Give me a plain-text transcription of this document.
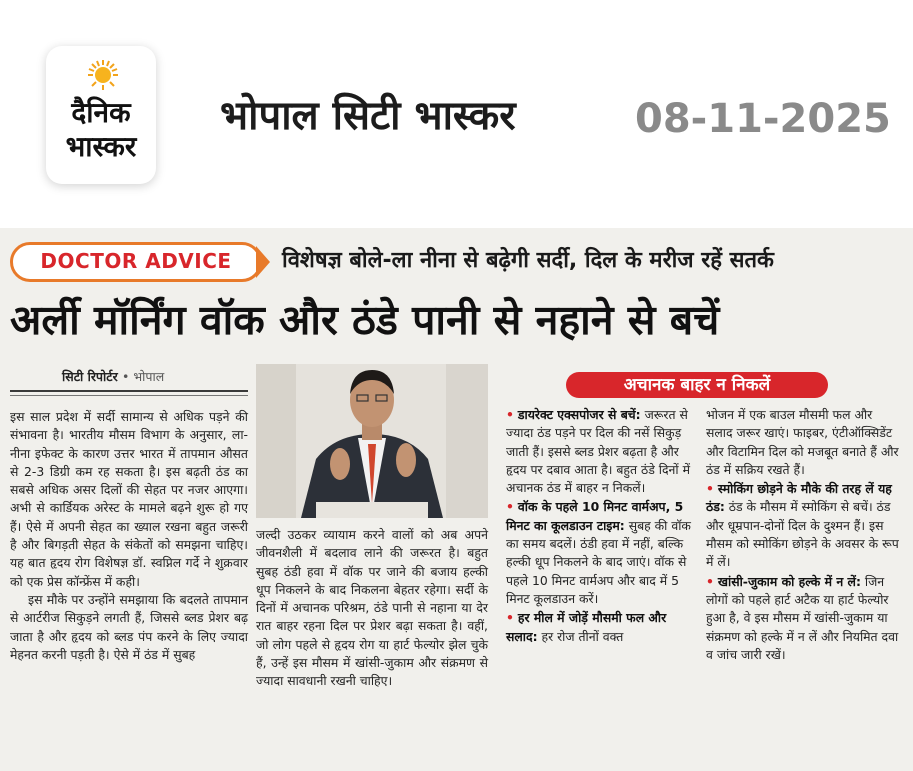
दैनिक
भास्कर
भोपाल सिटी भास्कर	08-11-2025
DOCTOR ADVICE	विशेषज्ञ बोले-ला नीना से बढ़ेगी सर्दी, दिल के मरीज रहें सतर्क
अर्ली मॉर्निंग वॉक और ठंडे पानी से नहाने से बचें
सिटी रिपोर्टर • भोपाल

इस साल प्रदेश में सर्दी सामान्य से अधिक पड़ने की संभावना है। भारतीय मौसम विभाग के अनुसार, ला-नीना इफेक्ट के कारण उत्तर भारत में तापमान औसत से 2-3 डिग्री कम रह सकता है। इस बढ़ती ठंड का सबसे अधिक असर दिलों की सेहत पर नजर आएगा। अभी से कार्डियक अरेस्ट के मामले बढ़ने शुरू हो गए हैं। ऐसे में अपनी सेहत का ख्याल रखना बहुत जरूरी है और बिगड़ती सेहत के संकेतों को समझना चाहिए। यह बात हृदय रोग विशेषज्ञ डॉ. स्वप्निल गर्दे ने शुक्रवार को एक प्रेस कॉन्फ्रेंस में कही।

इस मौके पर उन्होंने समझाया कि बदलते तापमान से आर्टरीज सिकुड़ने लगती हैं, जिससे ब्लड प्रेशर बढ़ जाता है और हृदय को ब्लड पंप करने के लिए ज्यादा मेहनत करनी पड़ती है। ऐसे में ठंड में सुबह

जल्दी उठकर व्यायाम करने वालों को अब अपने जीवनशैली में बदलाव लाने की जरूरत है। बहुत सुबह ठंडी हवा में वॉक पर जाने की बजाय हल्की धूप निकलने के बाद निकलना बेहतर रहेगा। सर्दी के दिनों में अचानक परिश्रम, ठंडे पानी से नहाना या देर रात बाहर रहना दिल पर प्रेशर बढ़ा सकता है। वहीं, जो लोग पहले से हृदय रोग या हार्ट फेल्योर झेल चुके हैं, उन्हें इस मौसम में खांसी-जुकाम और संक्रमण से ज्यादा सावधानी रखनी चाहिए।
अचानक बाहर न निकलें

• डायरेक्ट एक्सपोजर से बचें: जरूरत से ज्यादा ठंड पड़ने पर दिल की नसें सिकुड़ जाती हैं। इससे ब्लड प्रेशर बढ़ता है और हृदय पर दबाव आता है। बहुत ठंडे दिनों में अचानक ठंड में बाहर न निकलें।

• वॉक के पहले 10 मिनट वार्मअप, 5 मिनट का कूलडाउन टाइम: सुबह की वॉक का समय बदलें। ठंडी हवा में नहीं, बल्कि हल्की धूप निकलने के बाद जाएं। वॉक से पहले 10 मिनट वार्मअप और बाद में 5 मिनट कूलडाउन करें।

• हर मील में जोड़ें मौसमी फल और सलाद: हर रोज तीनों वक्त

भोजन में एक बाउल मौसमी फल और सलाद जरूर खाएं। फाइबर, एंटीऑक्सिडेंट और विटामिन दिल को मजबूत बनाते हैं और ठंड में सक्रिय रखते हैं।

• स्मोकिंग छोड़ने के मौके की तरह लें यह ठंड: ठंड के मौसम में स्मोकिंग से बचें। ठंड और धूम्रपान-दोनों दिल के दुश्मन हैं। इस मौसम को स्मोकिंग छोड़ने के अवसर के रूप में लें।

• खांसी-जुकाम को हल्के में न लें: जिन लोगों को पहले हार्ट अटैक या हार्ट फेल्योर हुआ है, वे इस मौसम में खांसी-जुकाम या संक्रमण को हल्के में न लें और नियमित दवा व जांच जारी रखें।
